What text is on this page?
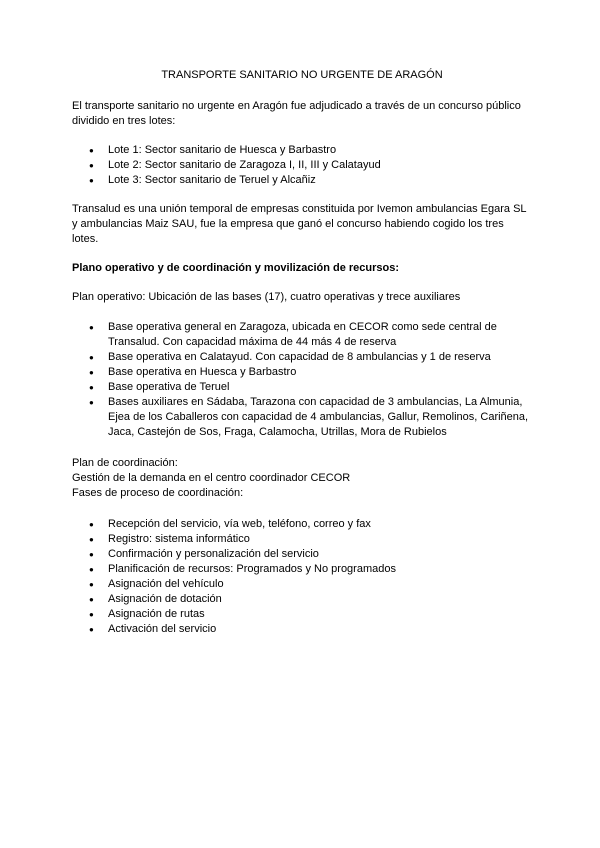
TRANSPORTE SANITARIO NO URGENTE DE ARAGÓN

El transporte sanitario no urgente en Aragón fue adjudicado a través de un concurso público dividido en tres lotes:

● Lote 1: Sector sanitario de Huesca y Barbastro
● Lote 2: Sector sanitario de Zaragoza I, II, III y Calatayud
● Lote 3: Sector sanitario de Teruel y Alcañiz

Transalud es una unión temporal de empresas constituida por Ivemon ambulancias Egara SL y ambulancias Maiz SAU, fue la empresa que ganó el concurso habiendo cogido los tres lotes.

Plano operativo y de coordinación y movilización de recursos:

Plan operativo: Ubicación de las bases (17), cuatro operativas y trece auxiliares

● Base operativa general en Zaragoza, ubicada en CECOR como sede central de Transalud. Con capacidad máxima de 44 más 4 de reserva
● Base operativa en Calatayud. Con capacidad de 8 ambulancias y 1 de reserva
● Base operativa en Huesca y Barbastro
● Base operativa de Teruel
● Bases auxiliares en Sádaba, Tarazona con capacidad de 3 ambulancias, La Almunia, Ejea de los Caballeros con capacidad de 4 ambulancias, Gallur, Remolinos, Cariñena, Jaca, Castejón de Sos, Fraga, Calamocha, Utrillas, Mora de Rubielos

Plan de coordinación:

Gestión de la demanda en el centro coordinador CECOR

Fases de proceso de coordinación:

● Recepción del servicio, vía web, teléfono, correo y fax
● Registro: sistema informático
● Confirmación y personalización del servicio
● Planificación de recursos: Programados y No programados
● Asignación del vehículo
● Asignación de dotación
● Asignación de rutas
● Activación del servicio
